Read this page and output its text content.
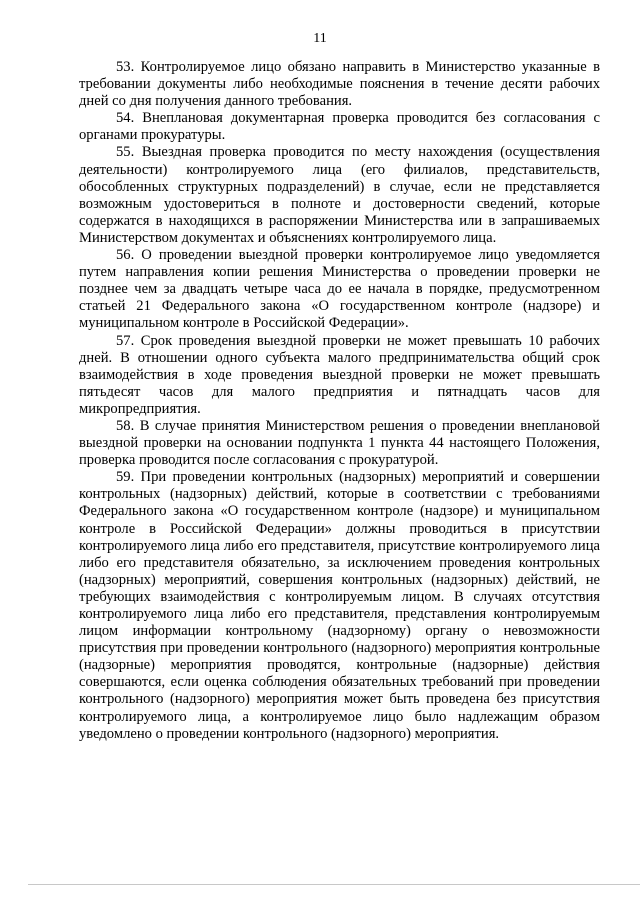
11

53. Контролируемое лицо обязано направить в Министерство указанные в требовании документы либо необходимые пояснения в течение десяти рабочих дней со дня получения данного требования.

54. Внеплановая документарная проверка проводится без согласования с органами прокуратуры.

55. Выездная проверка проводится по месту нахождения (осуществления деятельности) контролируемого лица (его филиалов, представительств, обособленных структурных подразделений) в случае, если не представляется возможным удостовериться в полноте и достоверности сведений, которые содержатся в находящихся в распоряжении Министерства или в запрашиваемых Министерством документах и объяснениях контролируемого лица.

56. О проведении выездной проверки контролируемое лицо уведомляется путем направления копии решения Министерства о проведении проверки не позднее чем за двадцать четыре часа до ее начала в порядке, предусмотренном статьей 21 Федерального закона «О государственном контроле (надзоре) и муниципальном контроле в Российской Федерации».

57. Срок проведения выездной проверки не может превышать 10 рабочих дней. В отношении одного субъекта малого предпринимательства общий срок взаимодействия в ходе проведения выездной проверки не может превышать пятьдесят часов для малого предприятия и пятнадцать часов для микропредприятия.

58. В случае принятия Министерством решения о проведении внеплановой выездной проверки на основании подпункта 1 пункта 44 настоящего Положения, проверка проводится после согласования с прокуратурой.

59. При проведении контрольных (надзорных) мероприятий и совершении контрольных (надзорных) действий, которые в соответствии с требованиями Федерального закона «О государственном контроле (надзоре) и муниципальном контроле в Российской Федерации» должны проводиться в присутствии контролируемого лица либо его представителя, присутствие контролируемого лица либо его представителя обязательно, за исключением проведения контрольных (надзорных) мероприятий, совершения контрольных (надзорных) действий, не требующих взаимодействия с контролируемым лицом. В случаях отсутствия контролируемого лица либо его представителя, представления контролируемым лицом информации контрольному (надзорному) органу о невозможности присутствия при проведении контрольного (надзорного) мероприятия контрольные (надзорные) мероприятия проводятся, контрольные (надзорные) действия совершаются, если оценка соблюдения обязательных требований при проведении контрольного (надзорного) мероприятия может быть проведена без присутствия контролируемого лица, а контролируемое лицо было надлежащим образом уведомлено о проведении контрольного (надзорного) мероприятия.
